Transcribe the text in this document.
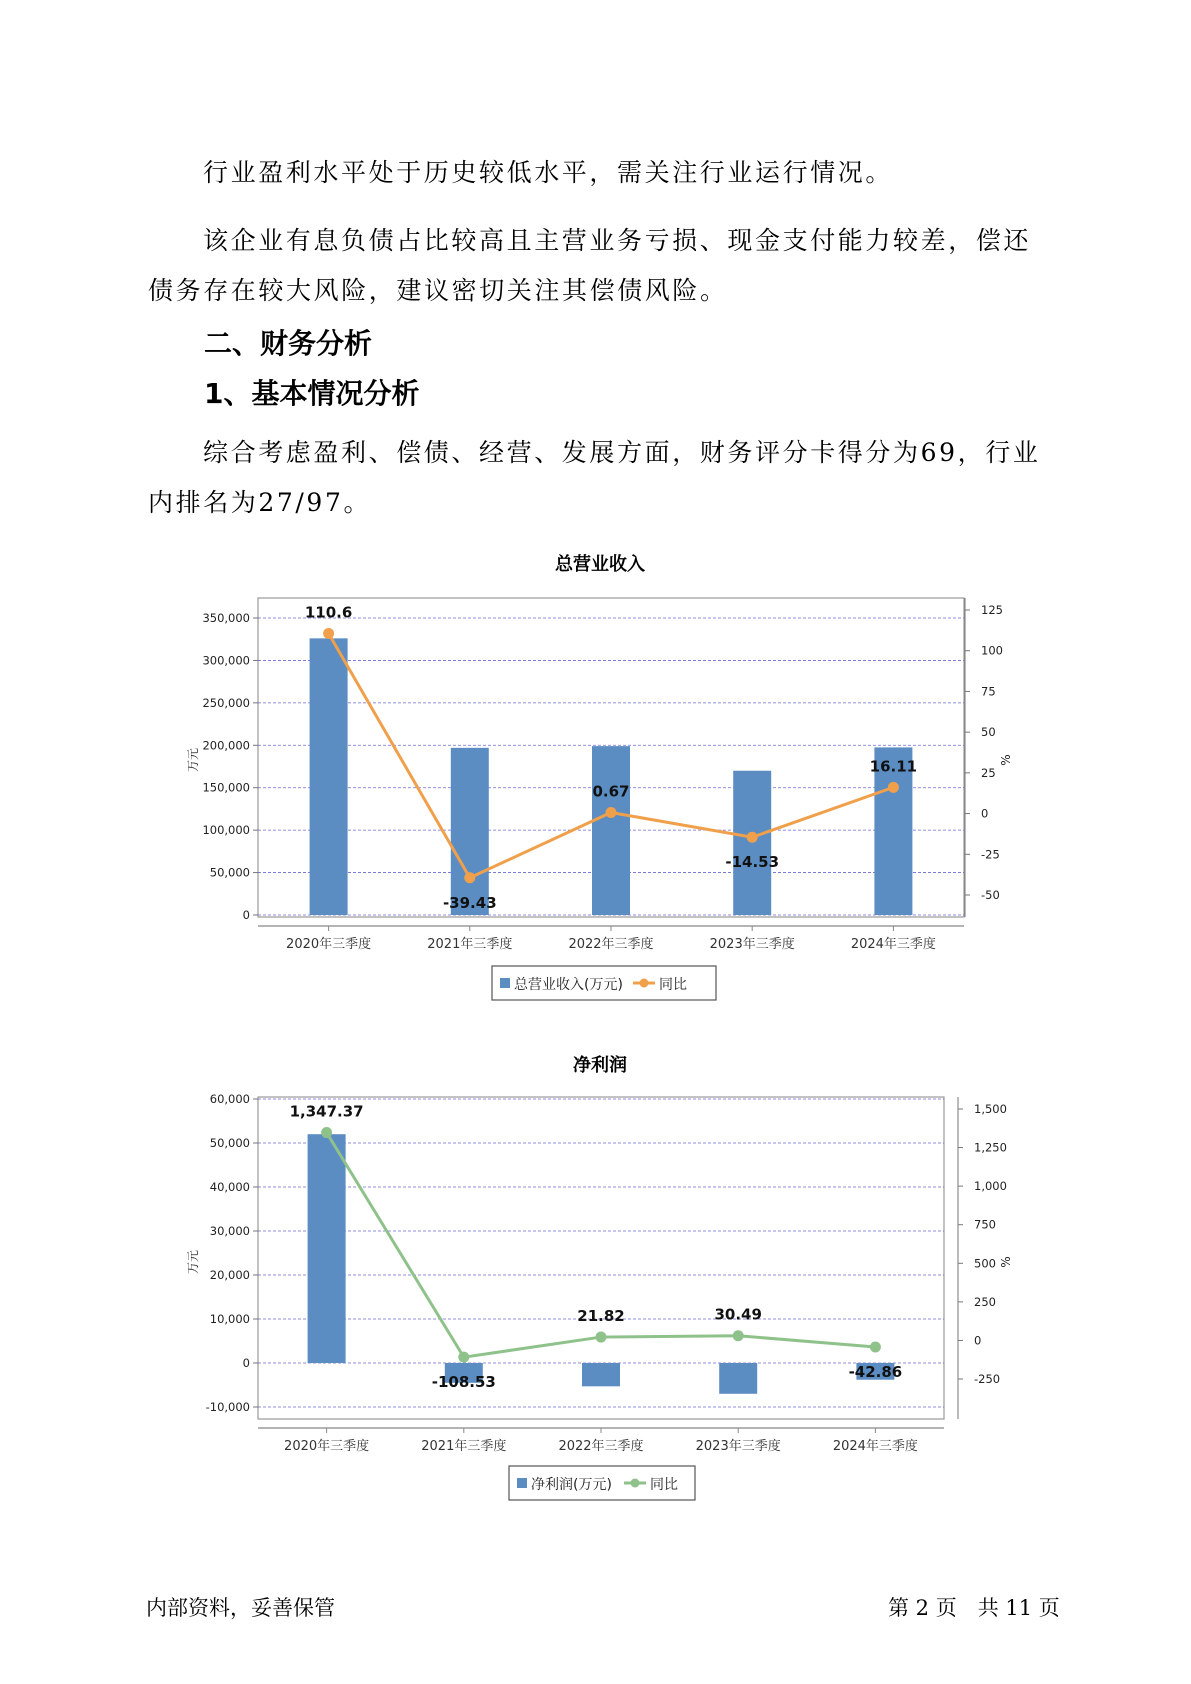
行业盈利水平处于历史较低水平，需关注行业运行情况。

该企业有息负债占比较高且主营业务亏损、现金支付能力较差，偿还债务存在较大风险，建议密切关注其偿债风险。

二、财务分析
1、基本情况分析

综合考虑盈利、偿债、经营、发展方面，财务评分卡得分为69，行业内排名为27/97。

总营业收入
0
50,000
100,000
150,000
200,000
250,000
300,000
350,000
万元
-50
-25
0
25
50
75
100
125
%
2020年三季度	2021年三季度	2022年三季度	2023年三季度	2024年三季度
110.6
-39.43
0.67
-14.53
16.11
总营业收入(万元)	同比
净利润
-10,000
0
10,000
20,000
30,000
40,000
50,000
60,000
万元
-250
0
250
500
750
1,000
1,250
1,500
%
2020年三季度	2021年三季度	2022年三季度	2023年三季度	2024年三季度
1,347.37
-108.53
21.82	30.49
-42.86
净利润(万元)	同比
内部资料，妥善保管	第 2 页　共 11 页
